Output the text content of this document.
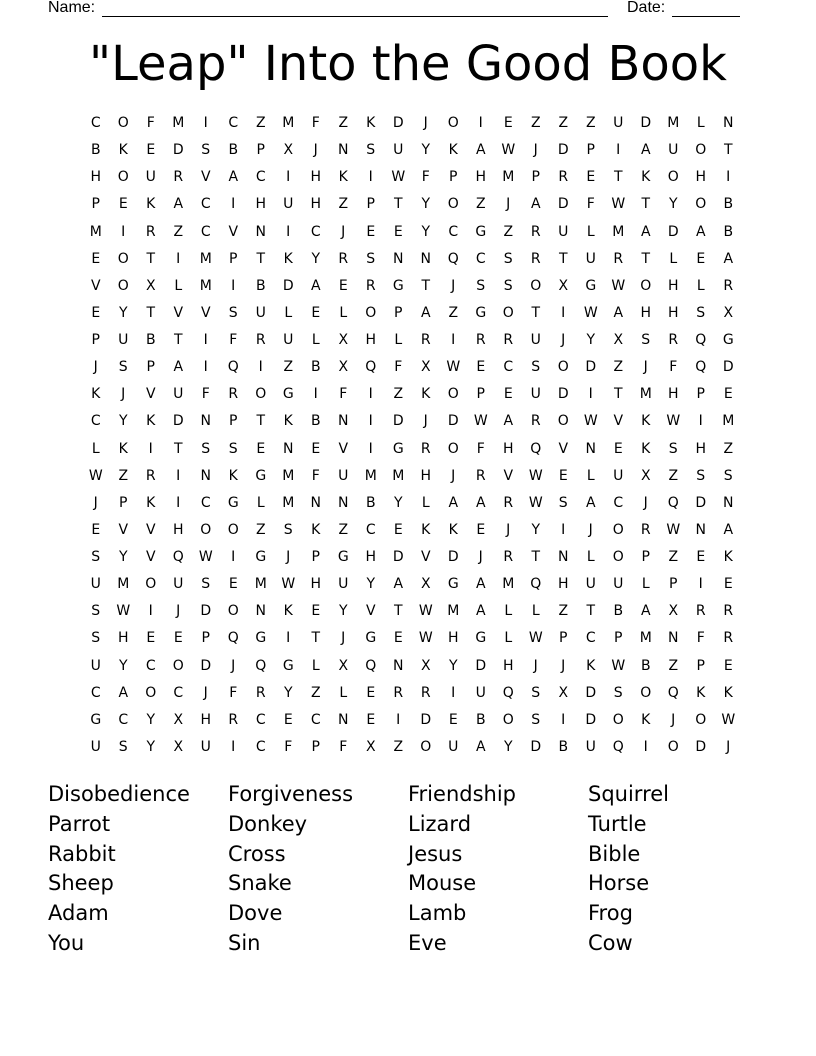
Name:	Date:
"Leap" Into the Good Book
C	O	F	M	I	C	Z	M	F	Z	K	D	J	O	I	E	Z	Z	Z	U	D	M	L	N
B	K	E	D	S	B	P	X	J	N	S	U	Y	K	A	W	J	D	P	I	A	U	O	T
H	O	U	R	V	A	C	I	H	K	I	W	F	P	H	M	P	R	E	T	K	O	H	I
P	E	K	A	C	I	H	U	H	Z	P	T	Y	O	Z	J	A	D	F	W	T	Y	O	B
M	I	R	Z	C	V	N	I	C	J	E	E	Y	C	G	Z	R	U	L	M	A	D	A	B
E	O	T	I	M	P	T	K	Y	R	S	N	N	Q	C	S	R	T	U	R	T	L	E	A
V	O	X	L	M	I	B	D	A	E	R	G	T	J	S	S	O	X	G	W	O	H	L	R
E	Y	T	V	V	S	U	L	E	L	O	P	A	Z	G	O	T	I	W	A	H	H	S	X
P	U	B	T	I	F	R	U	L	X	H	L	R	I	R	R	U	J	Y	X	S	R	Q	G
J	S	P	A	I	Q	I	Z	B	X	Q	F	X	W	E	C	S	O	D	Z	J	F	Q	D
K	J	V	U	F	R	O	G	I	F	I	Z	K	O	P	E	U	D	I	T	M	H	P	E
C	Y	K	D	N	P	T	K	B	N	I	D	J	D	W	A	R	O	W	V	K	W	I	M
L	K	I	T	S	S	E	N	E	V	I	G	R	O	F	H	Q	V	N	E	K	S	H	Z
W	Z	R	I	N	K	G	M	F	U	M	M	H	J	R	V	W	E	L	U	X	Z	S	S
J	P	K	I	C	G	L	M	N	N	B	Y	L	A	A	R	W	S	A	C	J	Q	D	N
E	V	V	H	O	O	Z	S	K	Z	C	E	K	K	E	J	Y	I	J	O	R	W	N	A
S	Y	V	Q	W	I	G	J	P	G	H	D	V	D	J	R	T	N	L	O	P	Z	E	K
U	M	O	U	S	E	M	W	H	U	Y	A	X	G	A	M	Q	H	U	U	L	P	I	E
S	W	I	J	D	O	N	K	E	Y	V	T	W	M	A	L	L	Z	T	B	A	X	R	R
S	H	E	E	P	Q	G	I	T	J	G	E	W	H	G	L	W	P	C	P	M	N	F	R
U	Y	C	O	D	J	Q	G	L	X	Q	N	X	Y	D	H	J	J	K	W	B	Z	P	E
C	A	O	C	J	F	R	Y	Z	L	E	R	R	I	U	Q	S	X	D	S	O	Q	K	K
G	C	Y	X	H	R	C	E	C	N	E	I	D	E	B	O	S	I	D	O	K	J	O	W
U	S	Y	X	U	I	C	F	P	F	X	Z	O	U	A	Y	D	B	U	Q	I	O	D	J
Disobedience	Forgiveness	Friendship	Squirrel
Parrot	Donkey	Lizard	Turtle
Rabbit	Cross	Jesus	Bible
Sheep	Snake	Mouse	Horse
Adam	Dove	Lamb	Frog
You	Sin	Eve	Cow
